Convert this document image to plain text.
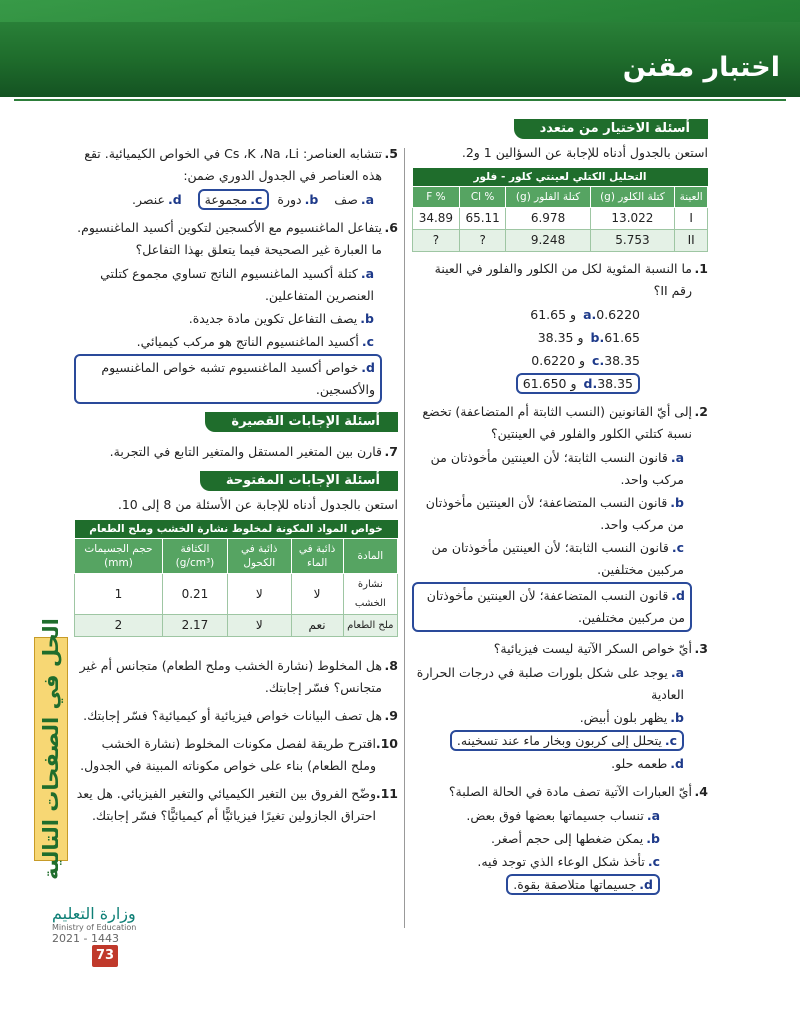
اختبار مقنن
أسئلة الاختيار من متعدد
استعن بالجدول أدناه للإجابة عن السؤالين 1 و2.
التحليل الكتلي لعينتي كلور - فلور				
العينة	كتلة الكلور (g)	كتلة الفلور (g)	% Cl	% F
I	13.022	6.978	65.11	34.89
II	5.753	9.248	?	?
1.
ما النسبة المئوية لكل من الكلور والفلور في العينة رقم II؟
a.0.6220 و 61.65
b.61.65 و 38.35
c.38.35 و 0.6220
d.38.35 و 61.650
2.
إلى أيّ القانونين (النسب الثابتة أم المتضاعفة) تخضع نسبة كتلتي الكلور والفلور في العينتين؟
a.قانون النسب الثابتة؛ لأن العينتين مأخوذتان من مركب واحد.
b.قانون النسب المتضاعفة؛ لأن العينتين مأخوذتان من مركب واحد.
c.قانون النسب الثابتة؛ لأن العينتين مأخوذتان من مركبين مختلفين.
d.قانون النسب المتضاعفة؛ لأن العينتين مأخوذتان من مركبين مختلفين.
3.
أيّ خواص السكر الآتية ليست فيزيائية؟
a.يوجد على شكل بلورات صلبة في درجات الحرارة العادية
b.يظهر بلون أبيض.
c.يتحلل إلى كربون وبخار ماء عند تسخينه.
d.طعمه حلو.
4.
أيّ العبارات الآتية تصف مادة في الحالة الصلبة؟
a.تنساب جسيماتها بعضها فوق بعض.
b.يمكن ضغطها إلى حجم أصغر.
c.تأخذ شكل الوعاء الذي توجد فيه.
d.جسيماتها متلاصقة بقوة.
5.
تتشابه العناصر: Cs ،K ،Na ،Li في الخواص الكيميائية. تقع هذه العناصر في الجدول الدوري ضمن:
a.صف  b.دورة  c.مجموعة  d.عنصر.
6.
يتفاعل الماغنسيوم مع الأكسجين لتكوين أكسيد الماغنسيوم. ما العبارة غير الصحيحة فيما يتعلق بهذا التفاعل؟
a.كتلة أكسيد الماغنسيوم الناتج تساوي مجموع كتلتي العنصرين المتفاعلين.
b.يصف التفاعل تكوين مادة جديدة.
c.أكسيد الماغنسيوم الناتج هو مركب كيميائي.
d.خواص أكسيد الماغنسيوم تشبه خواص الماغنسيوم والأكسجين.
أسئلة الإجابات القصيرة
7.
قارن بين المتغير المستقل والمتغير التابع في التجربة.
أسئلة الإجابات المفتوحة
استعن بالجدول أدناه للإجابة عن الأسئلة من 8 إلى 10.
خواص المواد المكونة لمخلوط نشارة الخشب وملح الطعام				
المادة	ذائبة في الماء	ذائبة في الكحول	الكثافة (g/cm³)	حجم الجسيمات (mm)
نشارة الخشب	لا	لا	0.21	1
ملح الطعام	نعم	لا	2.17	2
8.
هل المخلوط (نشارة الخشب وملح الطعام) متجانس أم غير متجانس؟ فسّر إجابتك.
9.
هل تصف البيانات خواص فيزيائية أو كيميائية؟ فسّر إجابتك.
10.
اقترح طريقة لفصل مكونات المخلوط (نشارة الخشب وملح الطعام) بناء على خواص مكوناته المبينة في الجدول.
11.
وضّح الفروق بين التغير الكيميائي والتغير الفيزيائي. هل يعد احتراق الجازولين تغيرًا فيزيائيًّا أم كيميائيًّا؟ فسّر إجابتك.
الحل في الصفحات التالية
وزارة التعليم
Ministry of Education
2021 - 1443
73
